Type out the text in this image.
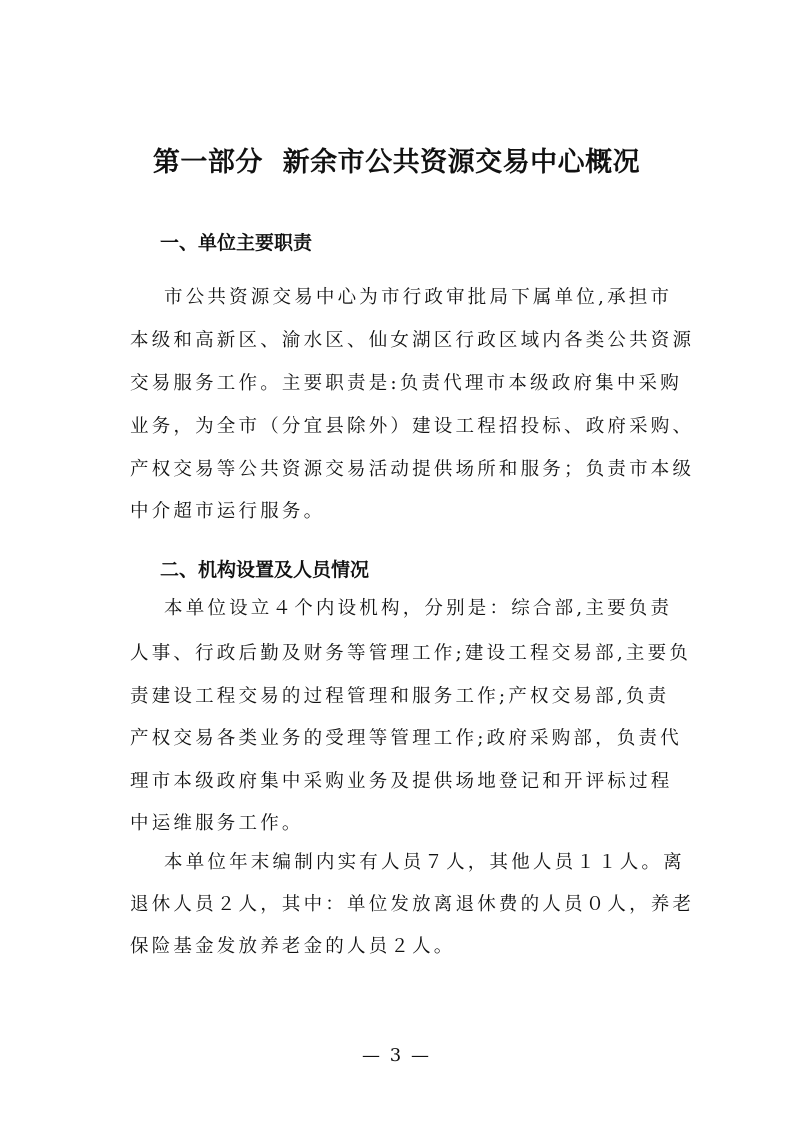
第一部分  新余市公共资源交易中心概况
一、单位主要职责
市公共资源交易中心为市行政审批局下属单位,承担市
本级和高新区、渝水区、仙女湖区行政区域内各类公共资源
交易服务工作。主要职责是:负责代理市本级政府集中采购
业务，为全市（分宜县除外）建设工程招投标、政府采购、
产权交易等公共资源交易活动提供场所和服务；负责市本级
中介超市运行服务。
二、机构设置及人员情况
本单位设立４个内设机构，分别是：综合部,主要负责
人事、行政后勤及财务等管理工作;建设工程交易部,主要负
责建设工程交易的过程管理和服务工作;产权交易部,负责
产权交易各类业务的受理等管理工作;政府采购部，负责代
理市本级政府集中采购业务及提供场地登记和开评标过程
中运维服务工作。
本单位年末编制内实有人员７人，其他人员１１人。离
退休人员２人，其中：单位发放离退休费的人员０人，养老
保险基金发放养老金的人员２人。
— 3 —
